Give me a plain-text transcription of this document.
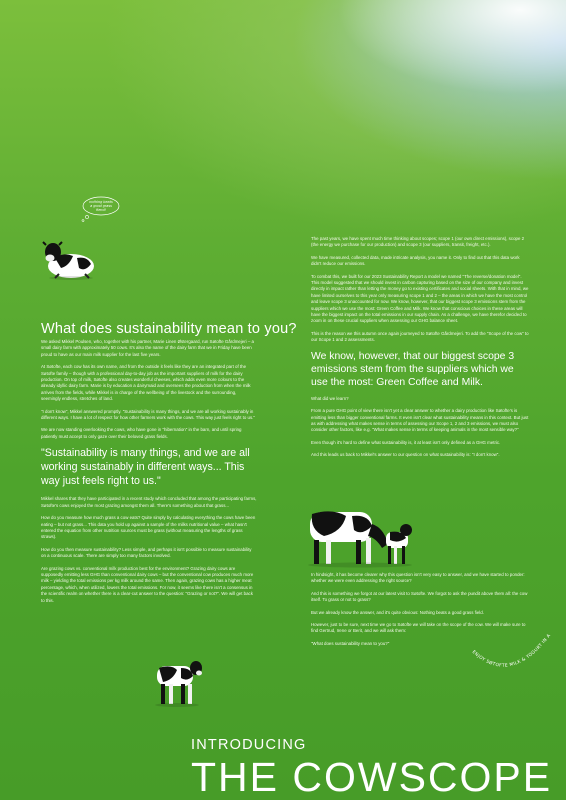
nothing beats
a good grass
fiend!
What does sustainability mean to you?

We asked Mikkel Poulsen, who, together with his partner, Marie Linen Østergaard, run Søtofte Gårdmejeri – a small dairy farm with approximately 50 cows. It's also the name of the dairy farm that we in Friday have been proud to have as our main milk supplier for the last five years.

At Søtofte, each cow has its own name, and from the outside it feels like they are an integrated part of the Søtofte family – though with a professional day-to-day job as the important suppliers of milk for the dairy production. On top of milk, Søtofte also creates wonderful cheeses, which adds even more colours to the already idyllic dairy farm. Marie is by education a dairymaid and oversees the production from when the milk arrives from the fields, while Mikkel is in charge of the wellbeing of the livestock and the surrounding, seemingly endless, stretches of land.

"I don't know", Mikkel answered promptly. "Sustainability is many things, and we are all working sustainably in different ways. I have a lot of respect for how other farmers work with the cows. This way just feels right to us."

We are now standing overlooking the cows, who have gone in "hibernation" in the barn, and until spring patiently must accept to only gaze over their beloved grass fields.

"Sustainability is many things, and we are all working sustainably in different ways... This way just feels right to us."

Mikkel shares that they have participated in a recent study which concluded that among the participating farms, Søtofte's cows enjoyed the most grazing amongst them all. There's something about that grass...

How do you measure how much grass a cow eats? Quite simply by calculating everything the cows have been eating – but not grass... This data you hold up against a sample of the milks nutritional value – what hasn't entered the equation from other nutrition sources must be grass (without measuring the lengths of grass straws).

How do you then measure sustainability? Less simple, and perhaps it isn't possible to measure sustainability on a continuous scale. There are simply too many factors involved.

Are grazing cows vs. conventional milk production best for the environment? Grazing dairy cows are supposedly emitting less GHG than conventional dairy cows – but the conventional cow produces much more milk – yielding the total emissions per kg milk around the same. Then again, grazing cows has a higher meat percentage, which, when utilized, lowers the total emissions. For now, it seems like there isn't a consensus in the scientific realm on whether there is a clear-cut answer to the question: "Grazing or not?". We will get back to this.

The past years, we have spent much time thinking about scopes; scope 1 (our own direct emissions), scope 2 (the energy we purchase for our production) and scope 3 (our suppliers, transit, freight, etc.).

We have measured, collected data, made intricate analysis, you name it. Only to find out that this data work didn't reduce our emissions.

To combat this, we built for our 2023 Sustainability Report a model we named "The reverse/donation model". This model suggested that we should invest in carbon capturing based on the size of our company and invest directly in impact rather than letting the money go to existing certificates and social sheets. With that in mind, we have limited ourselves to this year only measuring scope 1 and 2 – the areas in which we have the most control and leave scope 3 unaccounted for now. We know, however, that our biggest scope 3 emissions stem from the suppliers which we use the most: Green Coffee and Milk. We know that conscious choices in these areas will have the biggest impact on the total emissions in our supply chain. As a challenge, we have therefor decided to zoom in on these crucial suppliers when assessing our GHG balance sheet.

This is the reason we this autumn once again journeyed to Søtofte Gårdmejeri. To add the "Scope of the cow" to our Scope 1 and 2 assessments.

We know, however, that our biggest scope 3 emissions stem from the suppliers which we use the most: Green Coffee and Milk.

What did we learn?

From a pure GHG point of view there isn't yet a clear answer to whether a dairy production like Søtofte's is emitting less than bigger conventional farms. It even isn't clear what sustainability means in this context. But just as with addressing what makes sense in terms of assessing our Scope 1, 2 and 3 emissions, we must also consider other factors, like e.g. "What makes sense in terms of keeping animals in the most sensible way?"

Even though it's hard to define what sustainability is, it at least isn't only defined as a GHG metric.

And this leads us back to Mikkel's answer to our question on what sustainability is: "I don't know".

In hindsight, it has become clearer why this question isn't very easy to answer, and we have started to ponder: whether we were even addressing the right source?

And this is something we forgot at our latest visit to Søtofte. We forgot to ask the pundit above them all: the cow itself. To grass or not to grass?

But we already know the answer, and it's quite obvious: Nothing beats a good grass field.

However, just to be sure, next time we go to Søtofte we will take on the scope of the cow. We will make sure to find Gertrud, Irene or Berit, and we will ask them:

"What does sustainability mean to you?"

ENJOY SØTOFTE MILK & YOGURT IN A
INTRODUCING
THE COWSCOPE
